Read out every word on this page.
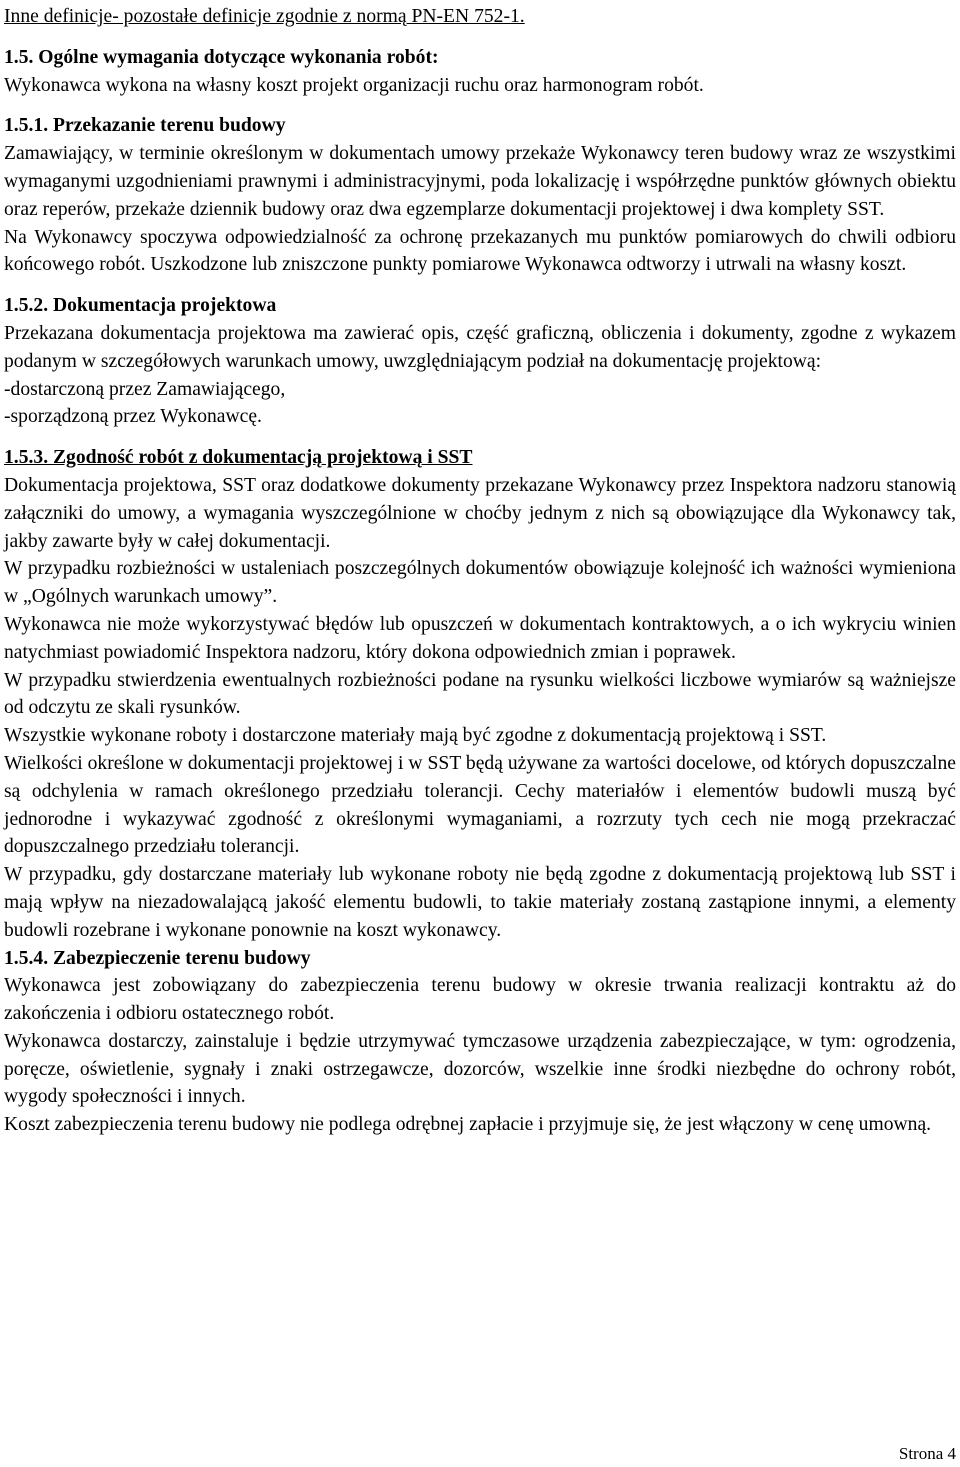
Inne definicje- pozostałe definicje zgodnie z normą PN-EN 752-1.

1.5. Ogólne wymagania dotyczące wykonania robót:

Wykonawca wykona na własny koszt projekt organizacji ruchu oraz harmonogram robót.

1.5.1. Przekazanie terenu budowy

Zamawiający, w terminie określonym w dokumentach umowy przekaże Wykonawcy teren budowy wraz ze wszystkimi wymaganymi uzgodnieniami prawnymi i administracyjnymi, poda lokalizację i współrzędne punktów głównych obiektu oraz reperów, przekaże dziennik budowy oraz dwa egzemplarze dokumentacji projektowej i dwa komplety SST.

Na Wykonawcy spoczywa odpowiedzialność za ochronę przekazanych mu punktów pomiarowych do chwili odbioru końcowego robót. Uszkodzone lub zniszczone punkty pomiarowe Wykonawca odtworzy i utrwali na własny koszt.

1.5.2. Dokumentacja projektowa

Przekazana dokumentacja projektowa ma zawierać opis, część graficzną, obliczenia i dokumenty, zgodne z wykazem podanym w szczegółowych warunkach umowy, uwzględniającym podział na dokumentację projektową:

-dostarczoną przez Zamawiającego,

-sporządzoną przez Wykonawcę.

1.5.3. Zgodność robót z dokumentacją projektową i SST

Dokumentacja projektowa, SST oraz dodatkowe dokumenty przekazane Wykonawcy przez Inspektora nadzoru stanowią załączniki do umowy, a wymagania wyszczególnione w choćby jednym z nich są obowiązujące dla Wykonawcy tak, jakby zawarte były w całej dokumentacji.

W przypadku rozbieżności w ustaleniach poszczególnych dokumentów obowiązuje kolejność ich ważności wymieniona w „Ogólnych warunkach umowy”.

Wykonawca nie może wykorzystywać błędów lub opuszczeń w dokumentach kontraktowych, a o ich wykryciu winien natychmiast powiadomić Inspektora nadzoru, który dokona odpowiednich zmian i poprawek.

W przypadku stwierdzenia ewentualnych rozbieżności podane na rysunku wielkości liczbowe wymiarów są ważniejsze od odczytu ze skali rysunków.

Wszystkie wykonane roboty i dostarczone materiały mają być zgodne z dokumentacją projektową i SST.

Wielkości określone w dokumentacji projektowej i w SST będą używane za wartości docelowe, od których dopuszczalne są odchylenia w ramach określonego przedziału tolerancji. Cechy materiałów i elementów budowli muszą być jednorodne i wykazywać zgodność z określonymi wymaganiami, a rozrzuty tych cech nie mogą przekraczać dopuszczalnego przedziału tolerancji.

W przypadku, gdy dostarczane materiały lub wykonane roboty nie będą zgodne z dokumentacją projektową lub SST i mają wpływ na niezadowalającą jakość elementu budowli, to takie materiały zostaną zastąpione innymi, a elementy budowli rozebrane i wykonane ponownie na koszt wykonawcy.

1.5.4. Zabezpieczenie terenu budowy

Wykonawca jest zobowiązany do zabezpieczenia terenu budowy w okresie trwania realizacji kontraktu aż do zakończenia i odbioru ostatecznego robót.

Wykonawca dostarczy, zainstaluje i będzie utrzymywać tymczasowe urządzenia zabezpieczające, w tym: ogrodzenia, poręcze, oświetlenie, sygnały i znaki ostrzegawcze, dozorców, wszelkie inne środki niezbędne do ochrony robót, wygody społeczności i innych.

Koszt zabezpieczenia terenu budowy nie podlega odrębnej zapłacie i przyjmuje się, że jest włączony w cenę umowną.

Strona 4
